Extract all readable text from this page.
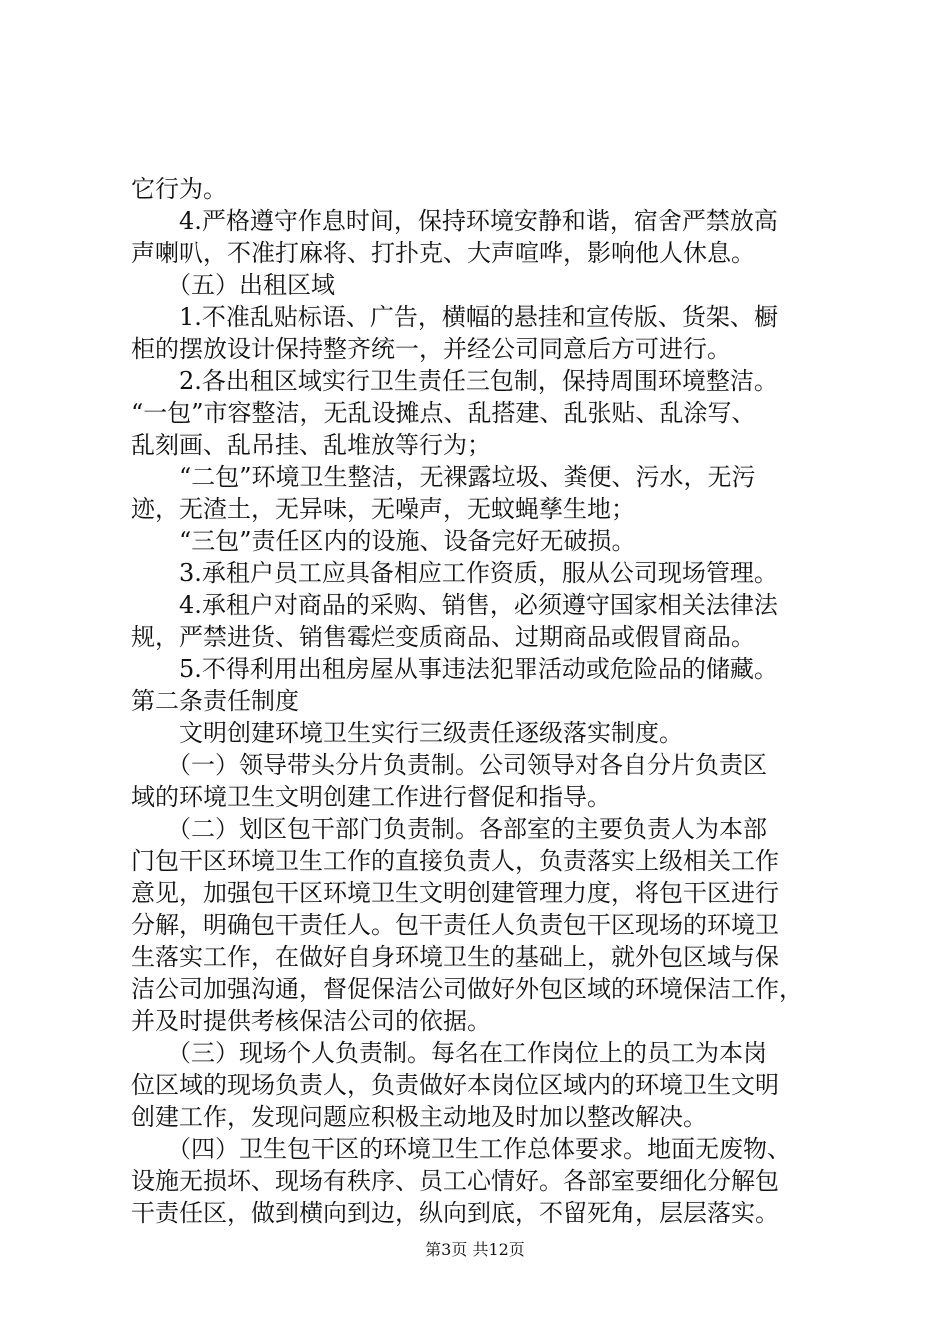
它行为。
　　4.严格遵守作息时间，保持环境安静和谐，宿舍严禁放高
声喇叭，不准打麻将、打扑克、大声喧哗，影响他人休息。
　　（五）出租区域
　　1.不准乱贴标语、广告，横幅的悬挂和宣传版、货架、橱
柜的摆放设计保持整齐统一，并经公司同意后方可进行。
　　2.各出租区域实行卫生责任三包制，保持周围环境整洁。
“一包”市容整洁，无乱设摊点、乱搭建、乱张贴、乱涂写、
乱刻画、乱吊挂、乱堆放等行为；
　　“二包”环境卫生整洁，无裸露垃圾、粪便、污水，无污
迹，无渣土，无异味，无噪声，无蚊蝇孳生地；
　　“三包”责任区内的设施、设备完好无破损。
　　3.承租户员工应具备相应工作资质，服从公司现场管理。
　　4.承租户对商品的采购、销售，必须遵守国家相关法律法
规，严禁进货、销售霉烂变质商品、过期商品或假冒商品。
　　5.不得利用出租房屋从事违法犯罪活动或危险品的储藏。
第二条责任制度
　　文明创建环境卫生实行三级责任逐级落实制度。
　　（一）领导带头分片负责制。公司领导对各自分片负责区
域的环境卫生文明创建工作进行督促和指导。
　　（二）划区包干部门负责制。各部室的主要负责人为本部
门包干区环境卫生工作的直接负责人，负责落实上级相关工作
意见，加强包干区环境卫生文明创建管理力度，将包干区进行
分解，明确包干责任人。包干责任人负责包干区现场的环境卫
生落实工作，在做好自身环境卫生的基础上，就外包区域与保
洁公司加强沟通，督促保洁公司做好外包区域的环境保洁工作，
并及时提供考核保洁公司的依据。
　　（三）现场个人负责制。每名在工作岗位上的员工为本岗
位区域的现场负责人，负责做好本岗位区域内的环境卫生文明
创建工作，发现问题应积极主动地及时加以整改解决。
　　（四）卫生包干区的环境卫生工作总体要求。地面无废物、
设施无损坏、现场有秩序、员工心情好。各部室要细化分解包
干责任区，做到横向到边，纵向到底，不留死角，层层落实。
第3页 共12页
